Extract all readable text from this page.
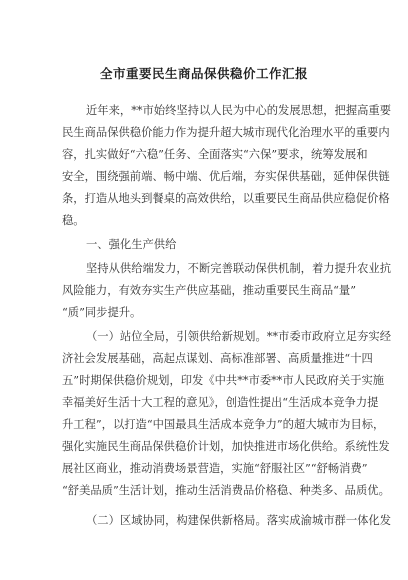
全市重要民生商品保供稳价工作汇报
近年来，**市始终坚持以人民为中心的发展思想，把握高重要
民生商品保供稳价能力作为提升超大城市现代化治理水平的重要内
容，扎实做好“六稳”任务、全面落实“六保”要求，统筹发展和
安全，围绕强前端、畅中端、优后端，夯实保供基础，延伸保供链
条，打造从地头到餐桌的高效供给，以重要民生商品供应稳促价格
稳。
一、强化生产供给
坚持从供给端发力，不断完善联动保供机制，着力提升农业抗
风险能力，有效夯实生产供应基础，推动重要民生商品“量”
“质”同步提升。
（一）站位全局，引领供给新规划。**市委市政府立足夯实经
济社会发展基础，高起点谋划、高标准部署、高质量推进“十四
五”时期保供稳价规划，印发《中共**市委**市人民政府关于实施
幸福美好生活十大工程的意见》，创造性提出“生活成本竞争力提
升工程”，以打造“中国最具生活成本竞争力”的超大城市为目标，
强化实施民生商品保供稳价计划，加快推进市场化供给。系统性发
展社区商业，推动消费场景营造，实施“舒服社区”“舒畅消费”
“舒美品质”生活计划，推动生活消费品价格稳、种类多、品质优。
（二）区域协同，构建保供新格局。落实成渝城市群一体化发
